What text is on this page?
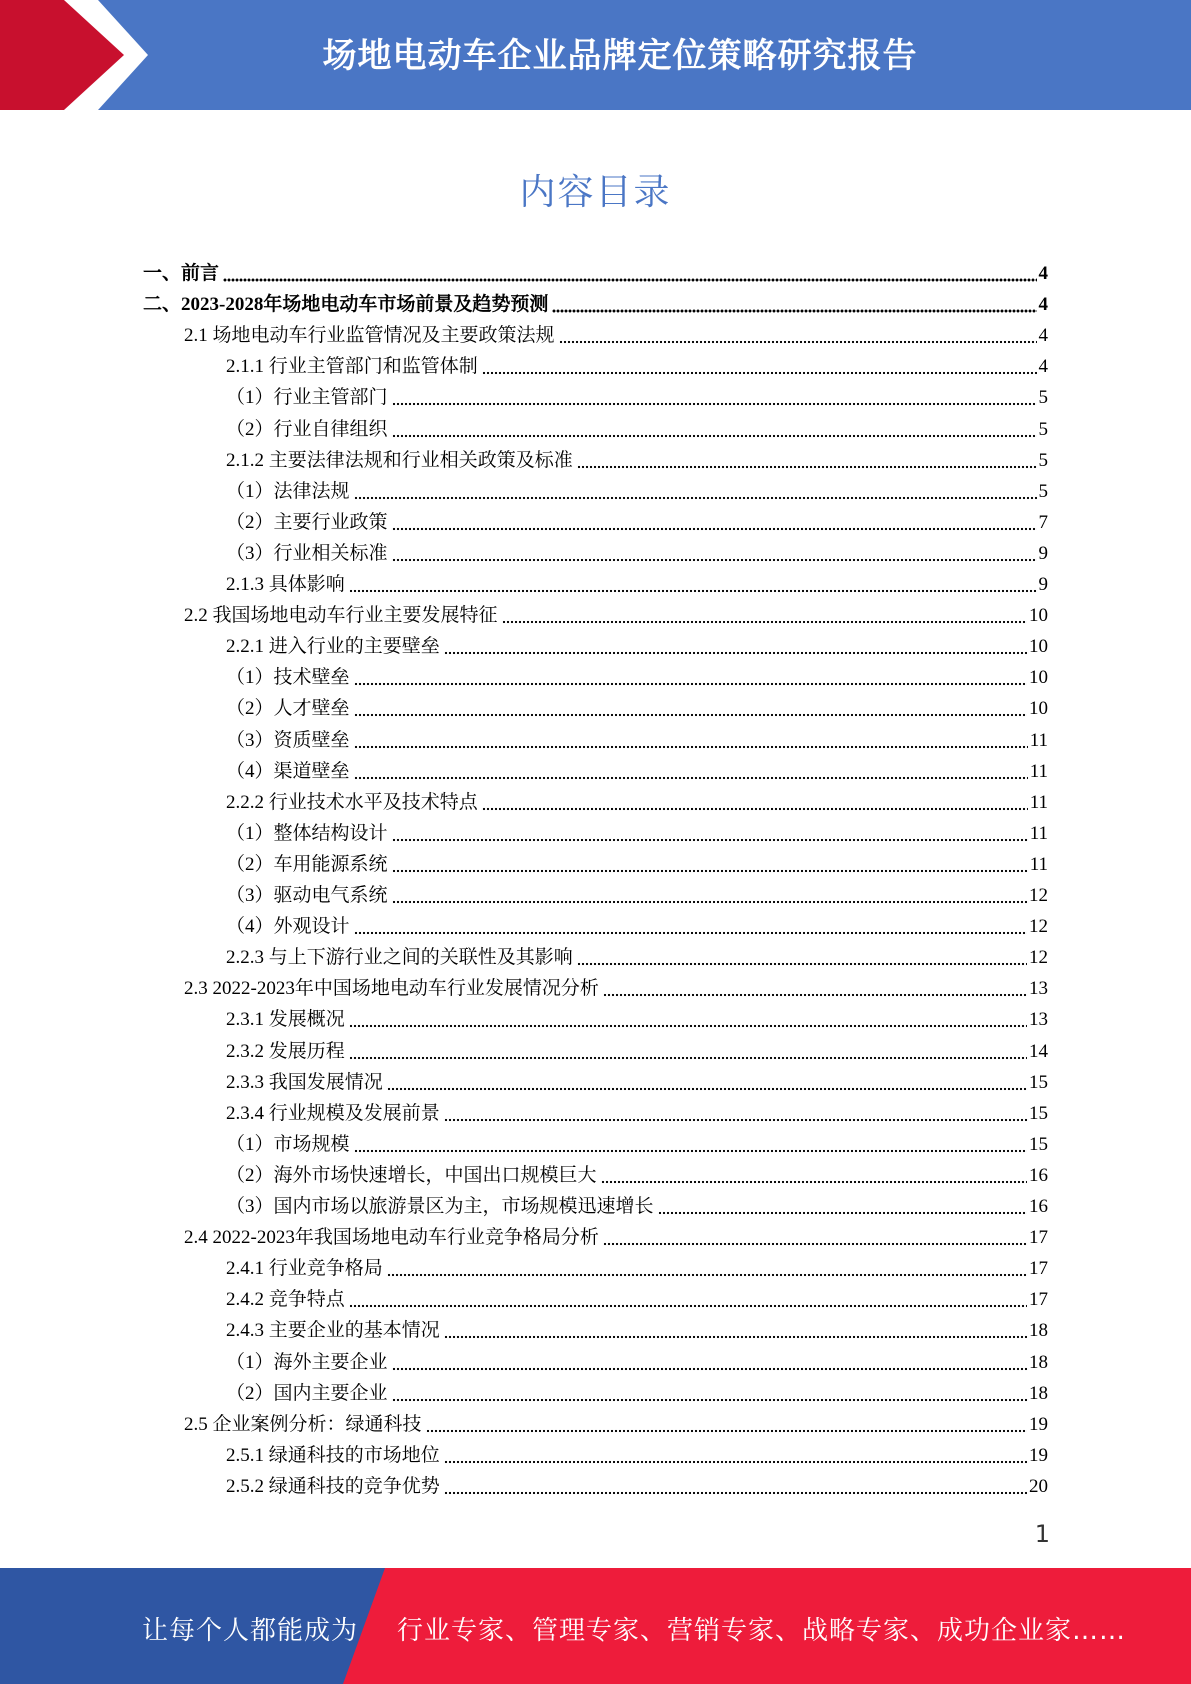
场地电动车企业品牌定位策略研究报告
内容目录
一、前言	4
二、2023-2028年场地电动车市场前景及趋势预测	4
2.1 场地电动车行业监管情况及主要政策法规	4
2.1.1 行业主管部门和监管体制	4
（1）行业主管部门	5
（2）行业自律组织	5
2.1.2 主要法律法规和行业相关政策及标准	5
（1）法律法规	5
（2）主要行业政策	7
（3）行业相关标准	9
2.1.3 具体影响	9
2.2 我国场地电动车行业主要发展特征	10
2.2.1 进入行业的主要壁垒	10
（1）技术壁垒	10
（2）人才壁垒	10
（3）资质壁垒	11
（4）渠道壁垒	11
2.2.2 行业技术水平及技术特点	11
（1）整体结构设计	11
（2）车用能源系统	11
（3）驱动电气系统	12
（4）外观设计	12
2.2.3 与上下游行业之间的关联性及其影响	12
2.3 2022-2023年中国场地电动车行业发展情况分析	13
2.3.1 发展概况	13
2.3.2 发展历程	14
2.3.3 我国发展情况	15
2.3.4 行业规模及发展前景	15
（1）市场规模	15
（2）海外市场快速增长，中国出口规模巨大	16
（3）国内市场以旅游景区为主，市场规模迅速增长	16
2.4 2022-2023年我国场地电动车行业竞争格局分析	17
2.4.1 行业竞争格局	17
2.4.2 竞争特点	17
2.4.3 主要企业的基本情况	18
（1）海外主要企业	18
（2）国内主要企业	18
2.5 企业案例分析：绿通科技	19
2.5.1 绿通科技的市场地位	19
2.5.2 绿通科技的竞争优势	20
1
让每个人都能成为 行业专家、管理专家、营销专家、战略专家、成功企业家……
